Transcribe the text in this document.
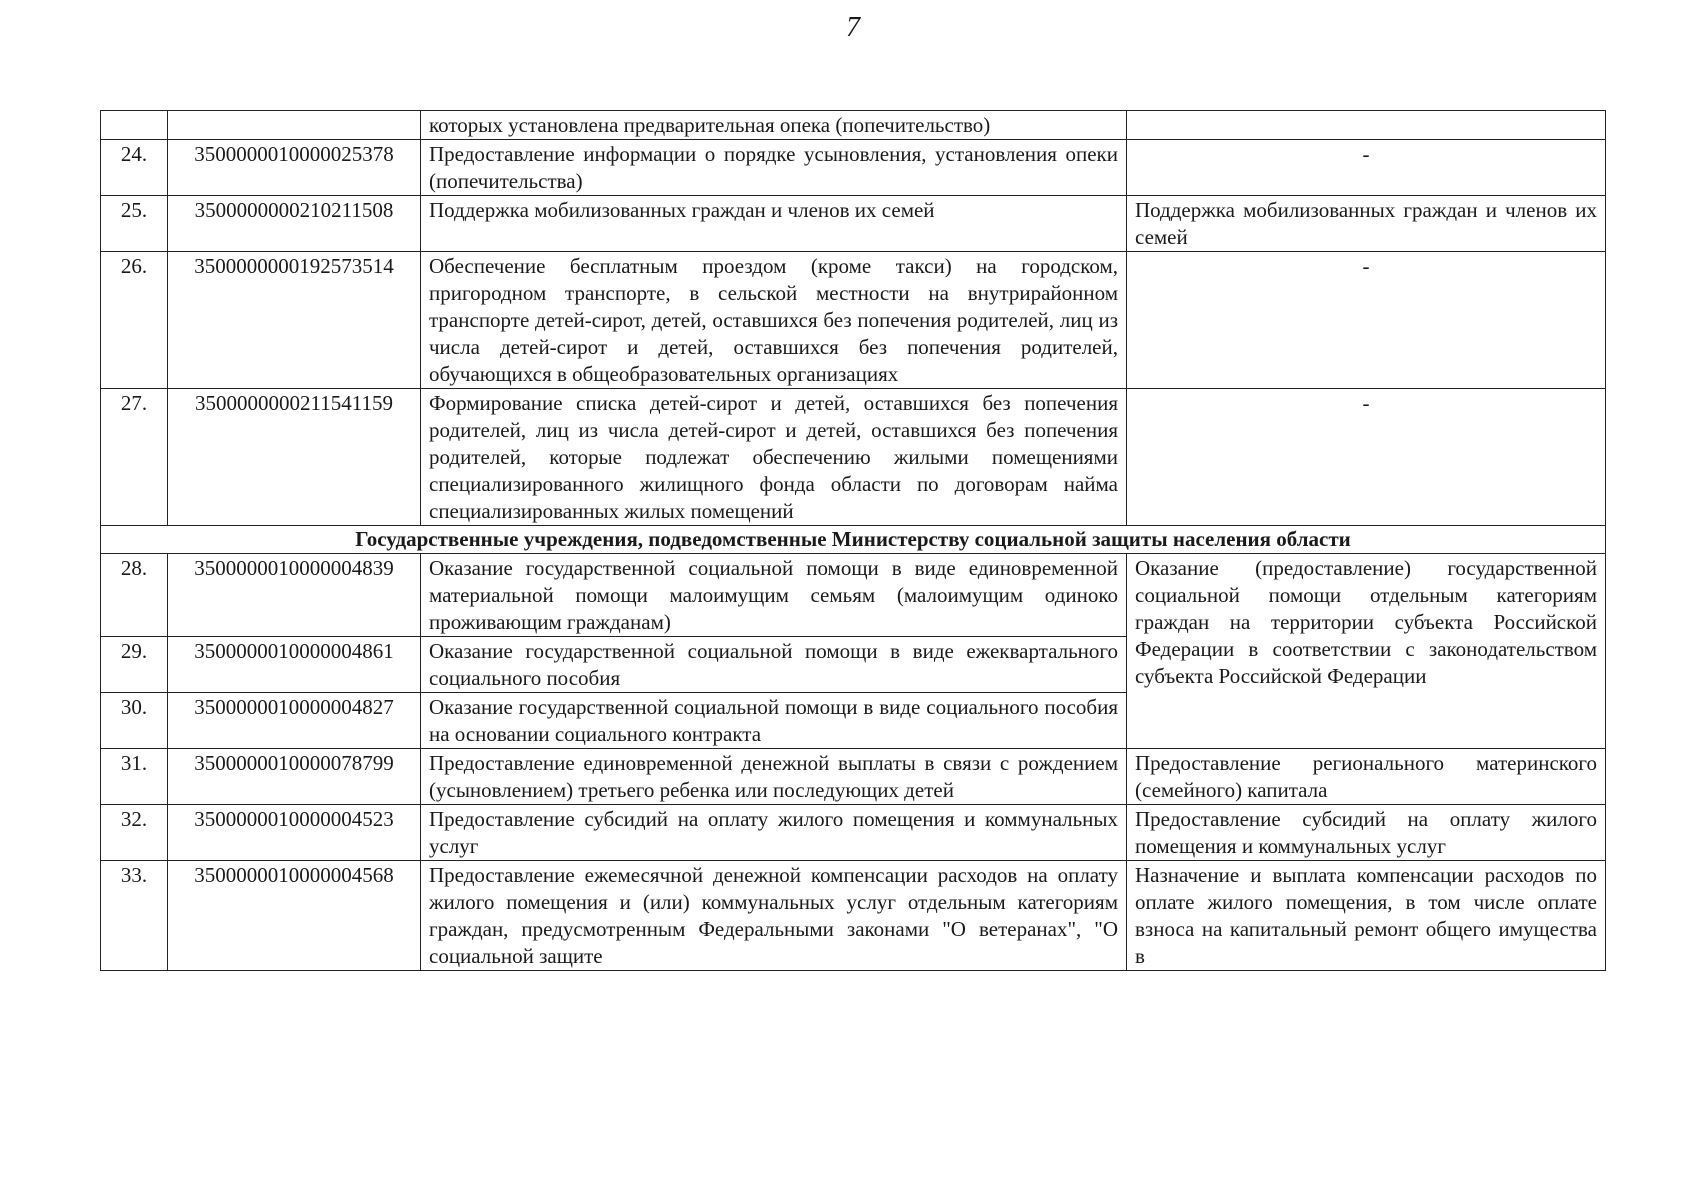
7
		которых установлена предварительная опека (попечительство)	
24.	3500000010000025378	Предоставление информации о порядке усыновления, установления опеки (попечительства)	-
25.	3500000000210211508	Поддержка мобилизованных граждан и членов их семей	Поддержка мобилизованных граждан и членов их семей
26.	3500000000192573514	Обеспечение бесплатным проездом (кроме такси) на городском, пригородном транспорте, в сельской местности на внутрирайонном транспорте детей-сирот, детей, оставшихся без попечения родителей, лиц из числа детей-сирот и детей, оставшихся без попечения родителей, обучающихся в общеобразовательных организациях	-
27.	3500000000211541159	Формирование списка детей-сирот и детей, оставшихся без попечения родителей, лиц из числа детей-сирот и детей, оставшихся без попечения родителей, которые подлежат обеспечению жилыми помещениями специализированного жилищного фонда области по договорам найма специализированных жилых помещений	-
Государственные учреждения, подведомственные Министерству социальной защиты населения области			
28.	3500000010000004839	Оказание государственной социальной помощи в виде единовременной материальной помощи малоимущим семьям (малоимущим одиноко проживающим гражданам)	Оказание (предоставление) государственной социальной помощи отдельным категориям граждан на территории субъекта Российской Федерации в соответствии с законодательством субъекта Российской Федерации
29.	3500000010000004861	Оказание государственной социальной помощи в виде ежеквартального социального пособия	
30.	3500000010000004827	Оказание государственной социальной помощи в виде социального пособия на основании социального контракта	
31.	3500000010000078799	Предоставление единовременной денежной выплаты в связи с рождением (усыновлением) третьего ребенка или последующих детей	Предоставление регионального материнского (семейного) капитала
32.	3500000010000004523	Предоставление субсидий на оплату жилого помещения и коммунальных услуг	Предоставление субсидий на оплату жилого помещения и коммунальных услуг
33.	3500000010000004568	Предоставление ежемесячной денежной компенсации расходов на оплату жилого помещения и (или) коммунальных услуг отдельным категориям граждан, предусмотренным Федеральными законами "О ветеранах", "О социальной защите	Назначение и выплата компенсации расходов по оплате жилого помещения, в том числе оплате взноса на капитальный ремонт общего имущества в
